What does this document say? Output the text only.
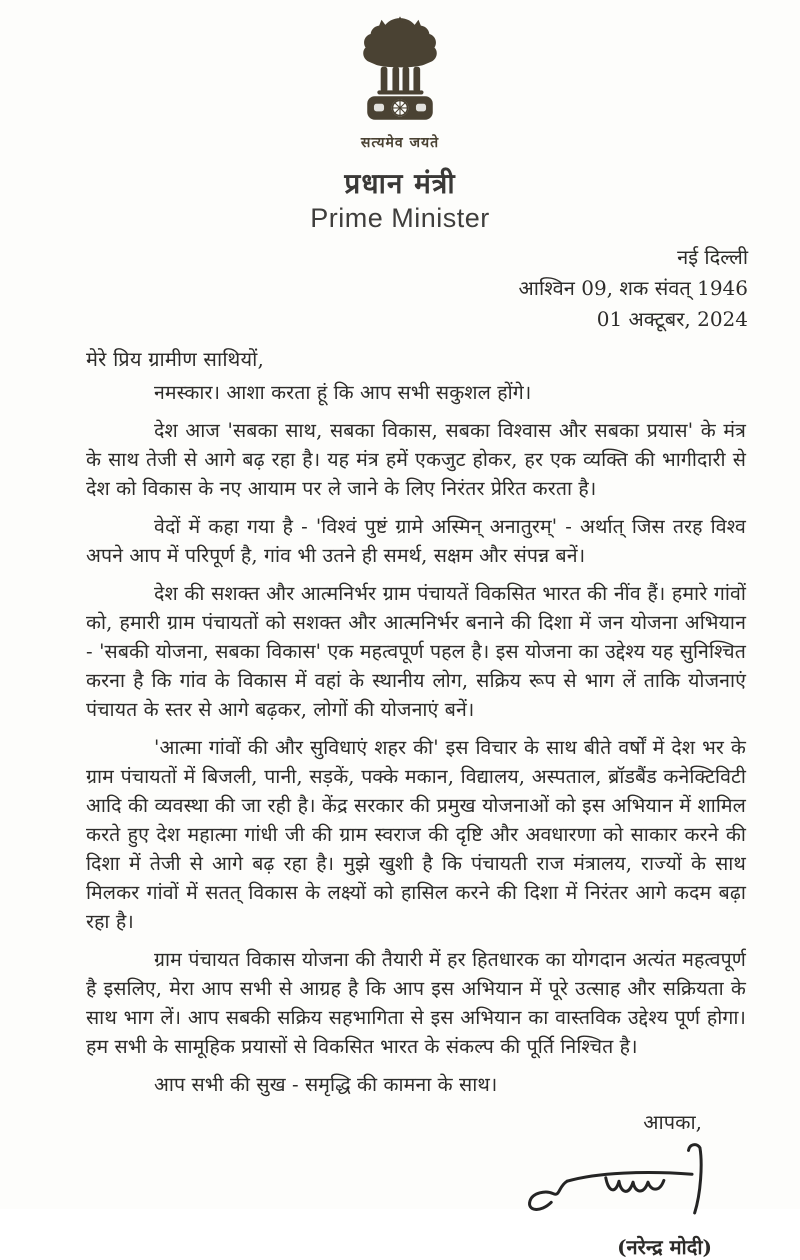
सत्यमेव जयते
प्रधान मंत्री
Prime Minister
नई दिल्ली
आश्विन 09, शक संवत् 1946
01 अक्टूबर, 2024
मेरे प्रिय ग्रामीण साथियों,

नमस्कार। आशा करता हूं कि आप सभी सकुशल होंगे।

देश आज 'सबका साथ, सबका विकास, सबका विश्वास और सबका प्रयास' के मंत्र के साथ तेजी से आगे बढ़ रहा है। यह मंत्र हमें एकजुट होकर, हर एक व्यक्ति की भागीदारी से देश को विकास के नए आयाम पर ले जाने के लिए निरंतर प्रेरित करता है।

वेदों में कहा गया है - 'विश्वं पुष्टं ग्रामे अस्मिन् अनातुरम्' - अर्थात् जिस तरह विश्व अपने आप में परिपूर्ण है, गांव भी उतने ही समर्थ, सक्षम और संपन्न बनें।

देश की सशक्त और आत्मनिर्भर ग्राम पंचायतें विकसित भारत की नींव हैं। हमारे गांवों को, हमारी ग्राम पंचायतों को सशक्त और आत्मनिर्भर बनाने की दिशा में जन योजना अभियान - 'सबकी योजना, सबका विकास' एक महत्वपूर्ण पहल है। इस योजना का उद्देश्य यह सुनिश्चित करना है कि गांव के विकास में वहां के स्थानीय लोग, सक्रिय रूप से भाग लें ताकि योजनाएं पंचायत के स्तर से आगे बढ़कर, लोगों की योजनाएं बनें।

'आत्मा गांवों की और सुविधाएं शहर की' इस विचार के साथ बीते वर्षों में देश भर के ग्राम पंचायतों में बिजली, पानी, सड़कें, पक्के मकान, विद्यालय, अस्पताल, ब्रॉडबैंड कनेक्टिविटी आदि की व्यवस्था की जा रही है। केंद्र सरकार की प्रमुख योजनाओं को इस अभियान में शामिल करते हुए देश महात्मा गांधी जी की ग्राम स्वराज की दृष्टि और अवधारणा को साकार करने की दिशा में तेजी से आगे बढ़ रहा है। मुझे खुशी है कि पंचायती राज मंत्रालय, राज्यों के साथ मिलकर गांवों में सतत् विकास के लक्ष्यों को हासिल करने की दिशा में निरंतर आगे कदम बढ़ा रहा है।

ग्राम पंचायत विकास योजना की तैयारी में हर हितधारक का योगदान अत्यंत महत्वपूर्ण है इसलिए, मेरा आप सभी से आग्रह है कि आप इस अभियान में पूरे उत्साह और सक्रियता के साथ भाग लें। आप सबकी सक्रिय सहभागिता से इस अभियान का वास्तविक उद्देश्य पूर्ण होगा। हम सभी के सामूहिक प्रयासों से विकसित भारत के संकल्प की पूर्ति निश्चित है।

आप सभी की सुख - समृद्धि की कामना के साथ।

आपका,
(नरेन्द्र मोदी)
